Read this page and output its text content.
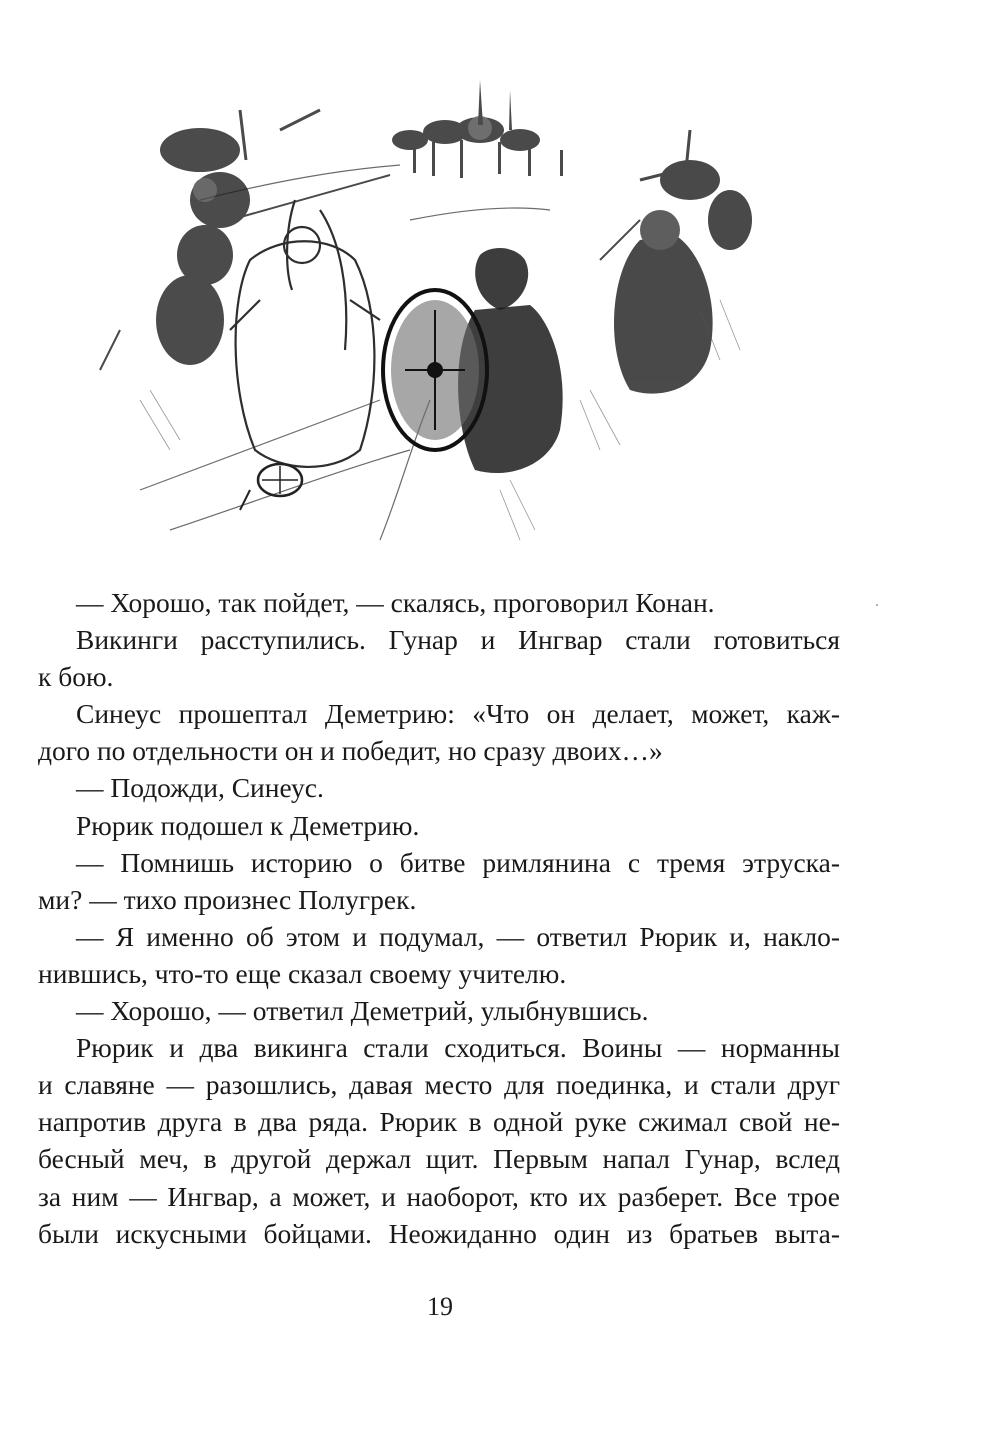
— Хорошо, так пойдет, — скалясь, проговорил Конан.
Викинги расступились. Гунар и Ингвар стали готовиться
к бою.
Синеус прошептал Деметрию: «Что он делает, может, каж-
дого по отдельности он и победит, но сразу двоих…»
— Подожди, Синеус.
Рюрик подошел к Деметрию.
— Помнишь историю о битве римлянина с тремя этруска-
ми? — тихо произнес Полугрек.
— Я именно об этом и подумал, — ответил Рюрик и, накло-
нившись, что-то еще сказал своему учителю.
— Хорошо, — ответил Деметрий, улыбнувшись.
Рюрик и два викинга стали сходиться. Воины — норманны
и славяне — разошлись, давая место для поединка, и стали друг
напротив друга в два ряда. Рюрик в одной руке сжимал свой не-
бесный меч, в другой держал щит. Первым напал Гунар, вслед
за ним — Ингвар, а может, и наоборот, кто их разберет. Все трое
были искусными бойцами. Неожиданно один из братьев выта-
19
